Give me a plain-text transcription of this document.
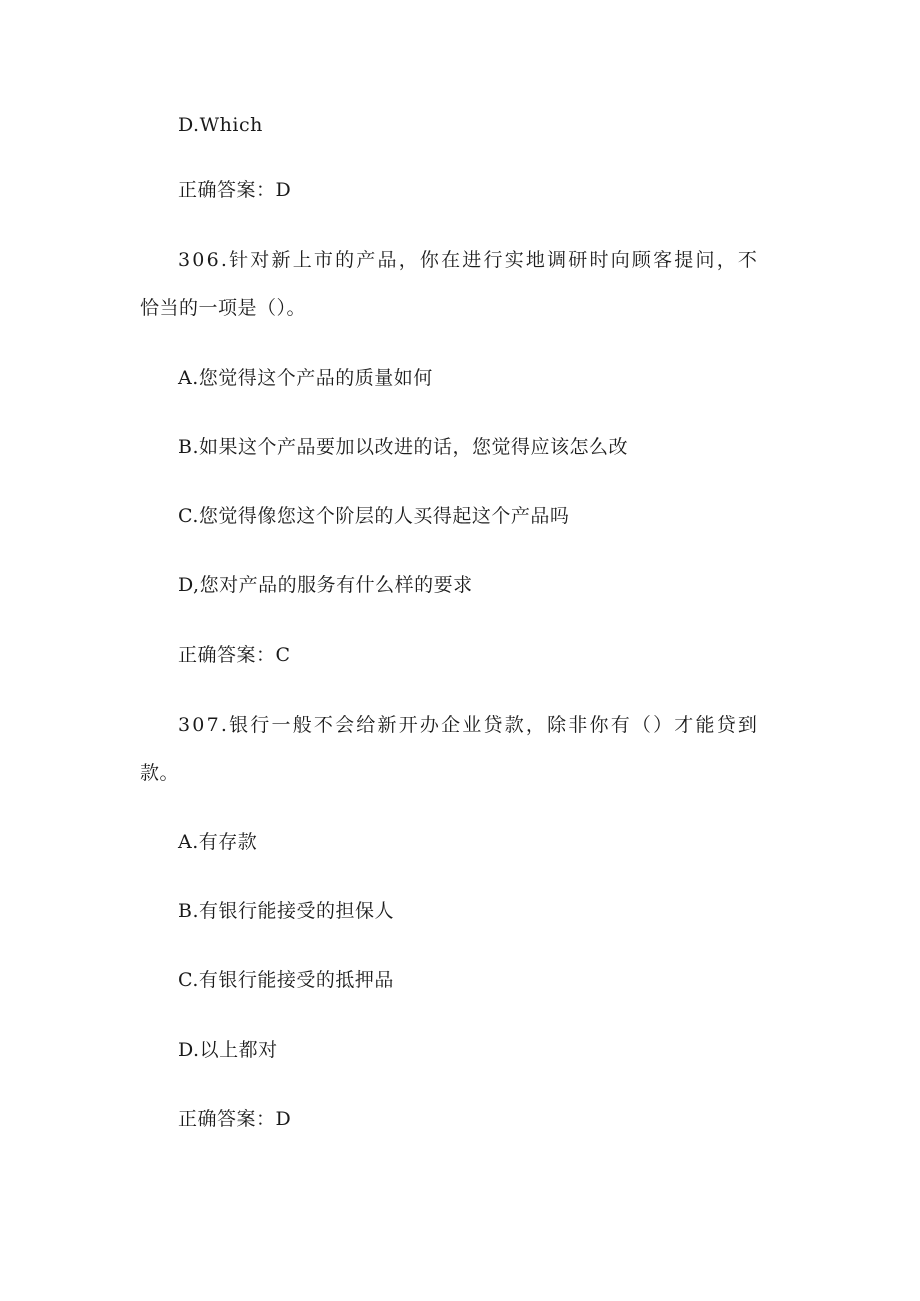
D.Which
正确答案：D
306.针对新上市的产品，你在进行实地调研时向顾客提问，不
恰当的一项是（）。
A.您觉得这个产品的质量如何
B.如果这个产品要加以改进的话，您觉得应该怎么改
C.您觉得像您这个阶层的人买得起这个产品吗
D,您对产品的服务有什么样的要求
正确答案：C
307.银行一般不会给新开办企业贷款，除非你有（）才能贷到
款。
A.有存款
B.有银行能接受的担保人
C.有银行能接受的抵押品
D.以上都对
正确答案：D
